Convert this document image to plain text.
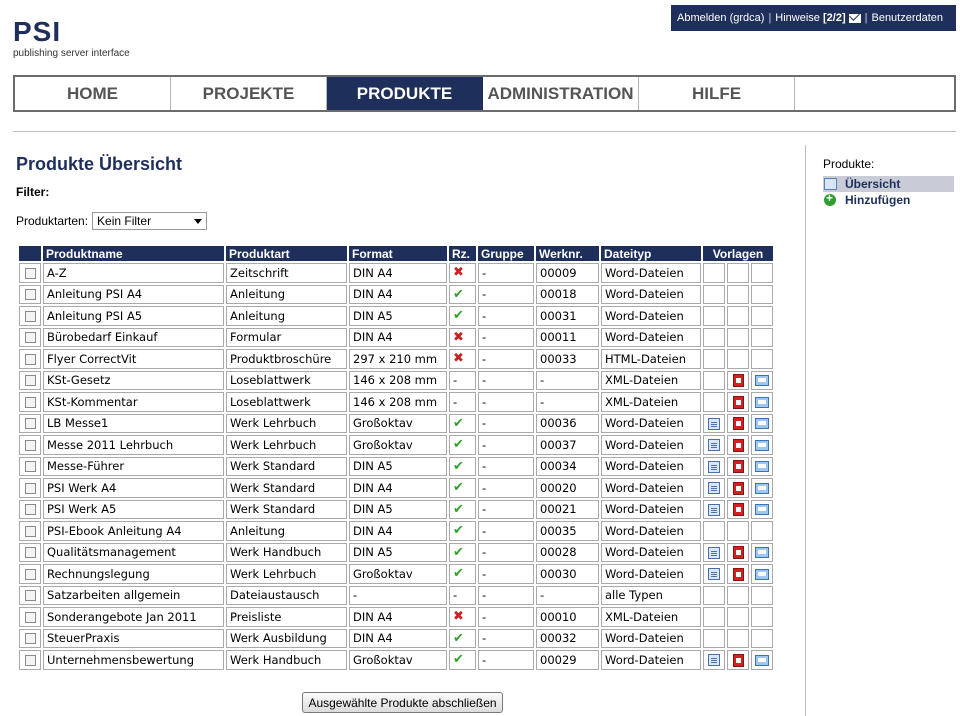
Abmelden (grdca) | Hinweise [2/2] | Benutzerdaten
PSI
publishing server interface
HOME	PROJEKTE	PRODUKTE	ADMINISTRATION	HILFE
Produkte Übersicht
Filter:
Produktarten: Kein Filter
	Produktname	Produktart	Format	Rz.	Gruppe	Werknr.	Dateityp	Vorlagen		
	A-Z	Zeitschrift	DIN A4	✖	-	00009	Word-Dateien			
	Anleitung PSI A4	Anleitung	DIN A4	✔	-	00018	Word-Dateien			
	Anleitung PSI A5	Anleitung	DIN A5	✔	-	00031	Word-Dateien			
	Bürobedarf Einkauf	Formular	DIN A4	✖	-	00011	Word-Dateien			
	Flyer CorrectVit	Produktbroschüre	297 x 210 mm	✖	-	00033	HTML-Dateien			
	KSt-Gesetz	Loseblattwerk	146 x 208 mm	-	-	-	XML-Dateien			
	KSt-Kommentar	Loseblattwerk	146 x 208 mm	-	-	-	XML-Dateien			
	LB Messe1	Werk Lehrbuch	Großoktav	✔	-	00036	Word-Dateien			
	Messe 2011 Lehrbuch	Werk Lehrbuch	Großoktav	✔	-	00037	Word-Dateien			
	Messe-Führer	Werk Standard	DIN A5	✔	-	00034	Word-Dateien			
	PSI Werk A4	Werk Standard	DIN A4	✔	-	00020	Word-Dateien			
	PSI Werk A5	Werk Standard	DIN A5	✔	-	00021	Word-Dateien			
	PSI-Ebook Anleitung A4	Anleitung	DIN A4	✔	-	00035	Word-Dateien			
	Qualitätsmanagement	Werk Handbuch	DIN A5	✔	-	00028	Word-Dateien			
	Rechnungslegung	Werk Lehrbuch	Großoktav	✔	-	00030	Word-Dateien			
	Satzarbeiten allgemein	Dateiaustausch	-	-	-	-	alle Typen			
	Sonderangebote Jan 2011	Preisliste	DIN A4	✖	-	00010	XML-Dateien			
	SteuerPraxis	Werk Ausbildung	DIN A4	✔	-	00032	Word-Dateien			
	Unternehmensbewertung	Werk Handbuch	Großoktav	✔	-	00029	Word-Dateien			
Ausgewählte Produkte abschließen
Produkte:
Übersicht
+
Hinzufügen
